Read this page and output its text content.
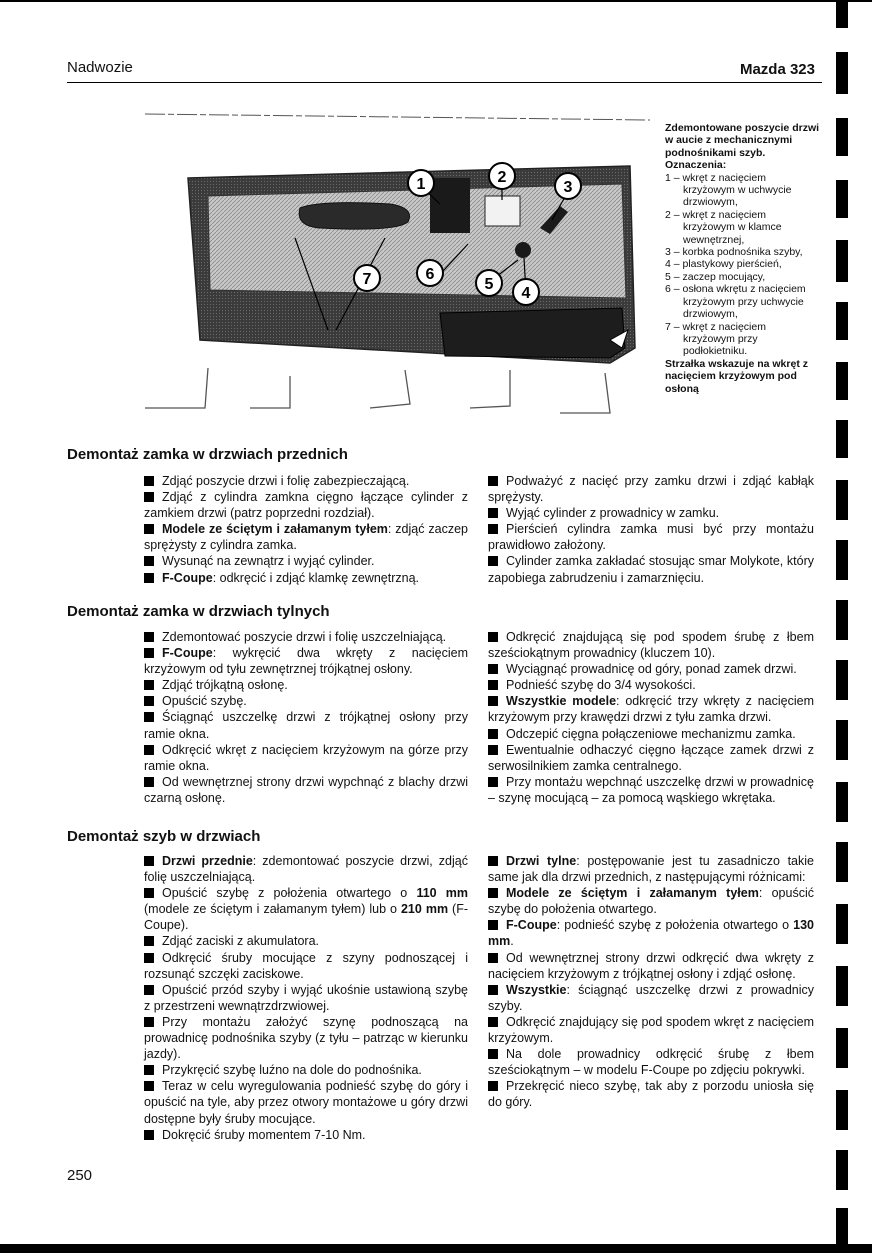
Nadwozie	Mazda 323
1	2
3
4
5
6
7
Zdemontowane poszycie drzwi w aucie z mechanicznymi podnośnikami szyb. Oznaczenia:
1 – wkręt z nacięciem krzyżowym w uchwycie drzwiowym,
2 – wkręt z nacięciem krzyżowym w klamce wewnętrznej,
3 – korbka podnośnika szyby,
4 – plastykowy pierścień,
5 – zaczep mocujący,
6 – osłona wkrętu z nacięciem krzyżowym przy uchwycie drzwiowym,
7 – wkręt z nacięciem krzyżowym przy podłokietniku.
Strzałka wskazuje na wkręt z nacięciem krzyżowym pod osłoną
Demontaż zamka w drzwiach przednich

Zdjąć poszycie drzwi i folię zabezpieczającą.

Zdjąć z cylindra zamkna cięgno łączące cylinder z zamkiem drzwi (patrz poprzedni rozdział).

Modele ze ściętym i załamanym tyłem: zdjąć zaczep sprężysty z cylindra zamka.

Wysunąć na zewnątrz i wyjąć cylinder.

F-Coupe: odkręcić i zdjąć klamkę zewnętrzną.

Podważyć z nacięć przy zamku drzwi i zdjąć kabłąk sprężysty.

Wyjąć cylinder z prowadnicy w zamku.

Pierścień cylindra zamka musi być przy montażu prawidłowo założony.

Cylinder zamka zakładać stosując smar Molykote, który zapobiega zabrudzeniu i zamarznięciu.

Demontaż zamka w drzwiach tylnych

Zdemontować poszycie drzwi i folię uszczelniającą.

F-Coupe: wykręcić dwa wkręty z nacięciem krzyżowym od tyłu zewnętrznej trójkątnej osłony.

Zdjąć trójkątną osłonę.

Opuścić szybę.

Ściągnąć uszczelkę drzwi z trójkątnej osłony przy ramie okna.

Odkręcić wkręt z nacięciem krzyżowym na górze przy ramie okna.

Od wewnętrznej strony drzwi wypchnąć z blachy drzwi czarną osłonę.

Odkręcić znajdującą się pod spodem śrubę z łbem sześciokątnym prowadnicy (kluczem 10).

Wyciągnąć prowadnicę od góry, ponad zamek drzwi.

Podnieść szybę do 3/4 wysokości.

Wszystkie modele: odkręcić trzy wkręty z nacięciem krzyżowym przy krawędzi drzwi z tyłu zamka drzwi.

Odczepić cięgna połączeniowe mechanizmu zamka.

Ewentualnie odhaczyć cięgno łączące zamek drzwi z serwosilnikiem zamka centralnego.

Przy montażu wepchnąć uszczelkę drzwi w prowadnicę – szynę mocującą – za pomocą wąskiego wkrętaka.

Demontaż szyb w drzwiach

Drzwi przednie: zdemontować poszycie drzwi, zdjąć folię uszczelniającą.

Opuścić szybę z położenia otwartego o 110 mm (modele ze ściętym i załamanym tyłem) lub o 210 mm (F-Coupe).

Zdjąć zaciski z akumulatora.

Odkręcić śruby mocujące z szyny podnoszącej i rozsunąć szczęki zaciskowe.

Opuścić przód szyby i wyjąć ukośnie ustawioną szybę z przestrzeni wewnątrzdrzwiowej.

Przy montażu założyć szynę podnoszącą na prowadnicę podnośnika szyby (z tyłu – patrząc w kierunku jazdy).

Przykręcić szybę luźno na dole do podnośnika.

Teraz w celu wyregulowania podnieść szybę do góry i opuścić na tyle, aby przez otwory montażowe u góry drzwi dostępne były śruby mocujące.

Dokręcić śruby momentem 7-10 Nm.

Drzwi tylne: postępowanie jest tu zasadniczo takie same jak dla drzwi przednich, z następującymi różnicami:

Modele ze ściętym i załamanym tyłem: opuścić szybę do położenia otwartego.

F-Coupe: podnieść szybę z położenia otwartego o 130 mm.

Od wewnętrznej strony drzwi odkręcić dwa wkręty z nacięciem krzyżowym z trójkątnej osłony i zdjąć osłonę.

Wszystkie: ściągnąć uszczelkę drzwi z prowadnicy szyby.

Odkręcić znajdujący się pod spodem wkręt z nacięciem krzyżowym.

Na dole prowadnicy odkręcić śrubę z łbem sześciokątnym – w modelu F-Coupe po zdjęciu pokrywki.

Przekręcić nieco szybę, tak aby z porzodu uniosła się do góry.

250
